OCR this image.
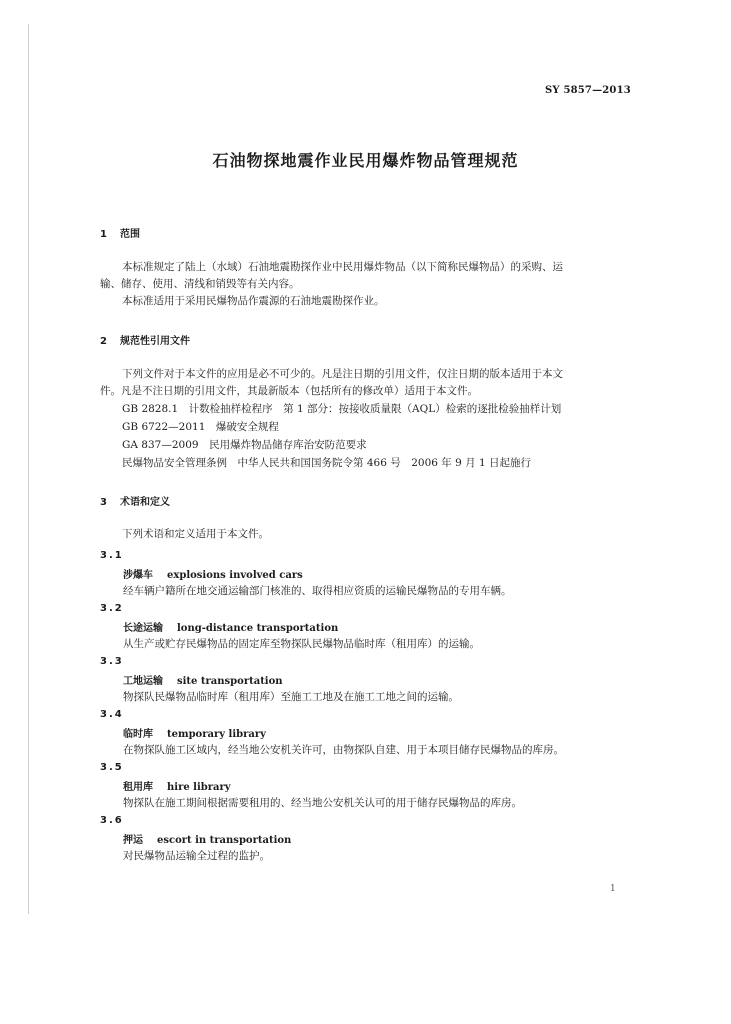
SY 5857—2013
石油物探地震作业民用爆炸物品管理规范
1 范围
本标准规定了陆上（水域）石油地震勘探作业中民用爆炸物品（以下简称民爆物品）的采购、运
输、储存、使用、清线和销毁等有关内容。
本标准适用于采用民爆物品作震源的石油地震勘探作业。
2 规范性引用文件
下列文件对于本文件的应用是必不可少的。凡是注日期的引用文件，仅注日期的版本适用于本文
件。凡是不注日期的引用文件，其最新版本（包括所有的修改单）适用于本文件。
GB 2828.1　计数检抽样检程序　第 1 部分：按接收质量限（AQL）检索的逐批检验抽样计划
GB 6722—2011　爆破安全规程
GA 837—2009　民用爆炸物品储存库治安防范要求
民爆物品安全管理条例　中华人民共和国国务院令第 466 号　2006 年 9 月 1 日起施行
3 术语和定义
下列术语和定义适用于本文件。
3.1
涉爆车 explosions involved cars
经车辆户籍所在地交通运输部门核准的、取得相应资质的运输民爆物品的专用车辆。
3.2
长途运输 long-distance transportation
从生产或贮存民爆物品的固定库至物探队民爆物品临时库（租用库）的运输。
3.3
工地运输 site transportation
物探队民爆物品临时库（租用库）至施工工地及在施工工地之间的运输。
3.4
临时库 temporary library
在物探队施工区域内，经当地公安机关许可，由物探队自建、用于本项目储存民爆物品的库房。
3.5
租用库 hire library
物探队在施工期间根据需要租用的、经当地公安机关认可的用于储存民爆物品的库房。
3.6
押运 escort in transportation
对民爆物品运输全过程的监护。
1
